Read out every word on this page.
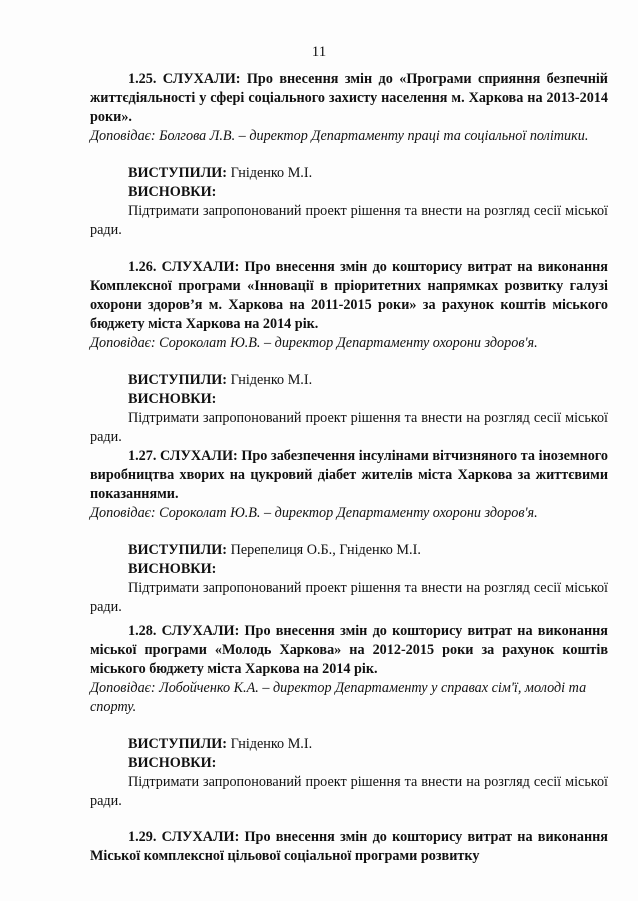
11
1.25. СЛУХАЛИ: Про внесення змін до «Програми сприяння безпечній життєдіяльності у сфері соціального захисту населення м. Харкова на 2013-2014 роки».
Доповідає: Болгова Л.В. – директор Департаменту праці та соціальної політики.
ВИСТУПИЛИ: Гніденко М.І.
ВИСНОВКИ:
Підтримати запропонований проект рішення та внести на розгляд сесії міської ради.
1.26. СЛУХАЛИ: Про внесення змін до кошторису витрат на виконання Комплексної програми «Інновації в пріоритетних напрямках розвитку галузі охорони здоров’я м. Харкова на 2011-2015 роки» за рахунок коштів міського бюджету міста Харкова на 2014 рік.
Доповідає: Сороколат Ю.В. – директор Департаменту охорони здоров'я.
ВИСТУПИЛИ: Гніденко М.І.
ВИСНОВКИ:
Підтримати запропонований проект рішення та внести на розгляд сесії міської ради.
1.27. СЛУХАЛИ: Про забезпечення інсулінами вітчизняного та іноземного виробництва хворих на цукровий діабет жителів міста Харкова за життєвими показаннями.
Доповідає: Сороколат Ю.В. – директор Департаменту охорони здоров'я.
ВИСТУПИЛИ: Перепелиця О.Б., Гніденко М.І.
ВИСНОВКИ:
Підтримати запропонований проект рішення та внести на розгляд сесії міської ради.
1.28. СЛУХАЛИ: Про внесення змін до кошторису витрат на виконання міської програми «Молодь Харкова» на 2012-2015 роки за рахунок коштів міського бюджету міста Харкова на 2014 рік.
Доповідає: Лобойченко К.А. – директор Департаменту у справах сім'ї, молоді та спорту.
ВИСТУПИЛИ: Гніденко М.І.
ВИСНОВКИ:
Підтримати запропонований проект рішення та внести на розгляд сесії міської ради.
1.29. СЛУХАЛИ: Про внесення змін до кошторису витрат на виконання Міської комплексної цільової соціальної програми розвитку
